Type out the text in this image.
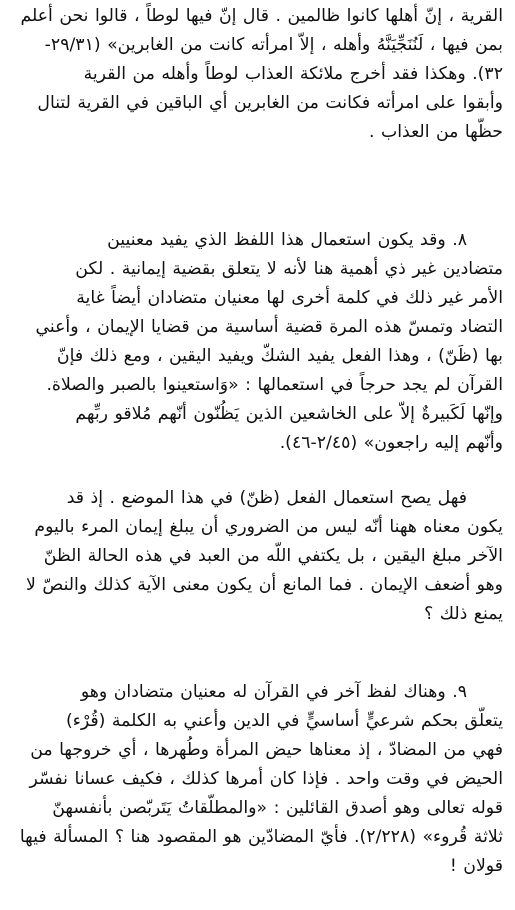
القرية ، إنّ أهلها كانوا ظالمين . قال إنّ فيها لوطاً ، قالوا نحن أعلم
بمن فيها ، لَنُنَجِّيَنَّهُ وأهله ، إلاّ امرأته كانت من الغابرين» (٢٩/٣١-
٣٢). وهكذا فقد أخرج ملائكة العذاب لوطاً وأهله من القرية
وأبقوا على امرأته فكانت من الغابرين أي الباقين في القرية لتنال
حظّها من العذاب .
٨. وقد يكون استعمال هذا اللفظ الذي يفيد معنيين
متضادين غير ذي أهمية هنا لأنه لا يتعلق بقضية إيمانية . لكن
الأمر غير ذلك في كلمة أخرى لها معنيان متضادان أيضاً غاية
التضاد وتمسّ هذه المرة قضية أساسية من قضايا الإيمان ، وأعني
بها (ظَنّ) ، وهذا الفعل يفيد الشكّ ويفيد اليقين ، ومع ذلك فإنّ
القرآن لم يجد حرجاً في استعمالها : «وَاستعينوا بالصبر والصلاة.
وإنّها لَكَبيرةٌ إلاّ على الخاشعين الذين يَظُنّون أنّهم مُلاقو ربِّهم
وأنّهم إليه راجعون» (٢/٤٥-٤٦).
فهل يصح استعمال الفعل (ظنّ) في هذا الموضع . إذ قد
يكون معناه ههنا أنّه ليس من الضروري أن يبلغ إيمان المرء باليوم
الآخر مبلغ اليقين ، بل يكتفي اللّه من العبد في هذه الحالة الظنّ
وهو أضعف الإيمان . فما المانع أن يكون معنى الآية كذلك والنصّ لا
يمنع ذلك ؟
٩. وهناك لفظ آخر في القرآن له معنيان متضادان وهو
يتعلّق بحكم شرعيٍّ أساسيٍّ في الدين وأعني به الكلمة (قُرْء)
فهي من المضادّ ، إذ معناها حيض المرأة وطُهرها ، أي خروجها من
الحيض في وقت واحد . فإذا كان أمرها كذلك ، فكيف عسانا نفسّر
قوله تعالى وهو أصدق القائلين : «والمطلّقاتُ يَتَربّصن بأنفسهنّ
ثلاثة قُروء» (٢/٢٢٨). فأيّ المضادّين هو المقصود هنا ؟ المسألة فيها
قولان !
